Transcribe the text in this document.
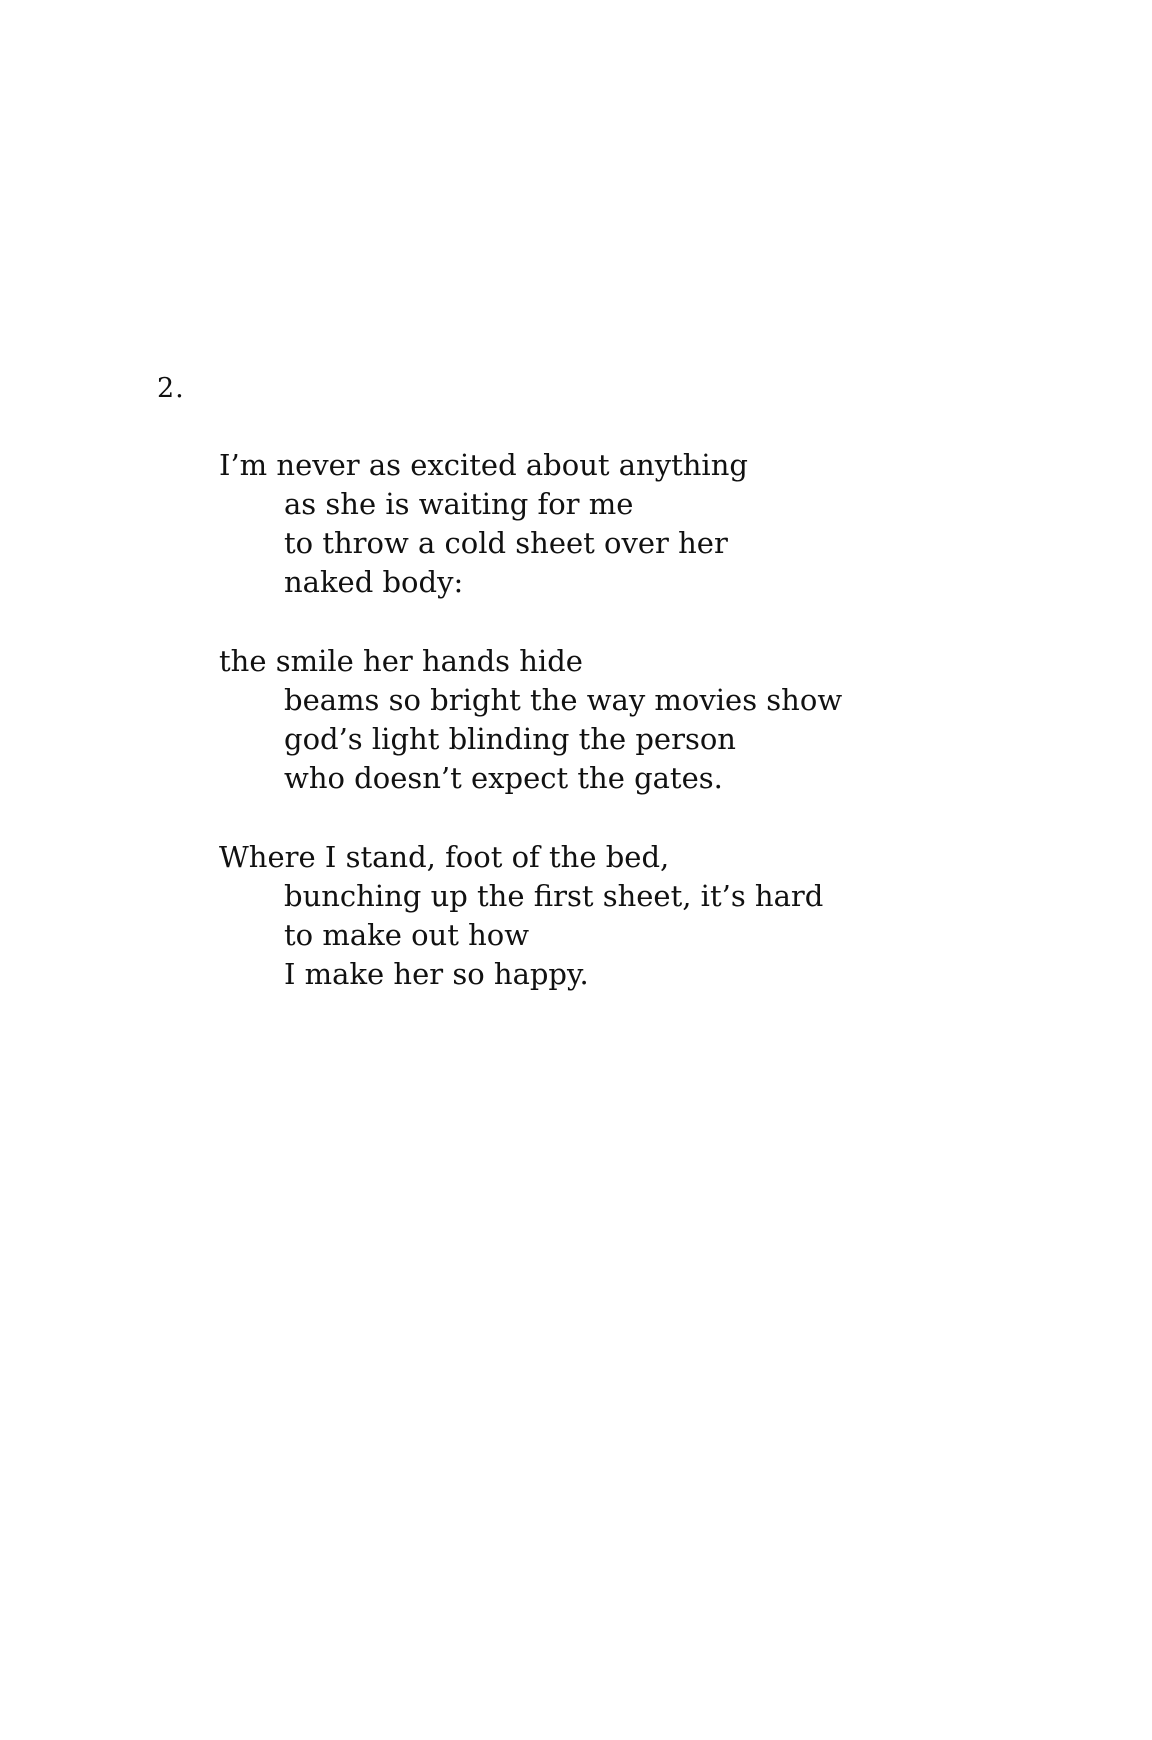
2.
I’m never as excited about anything
as she is waiting for me
to throw a cold sheet over her
naked body:
the smile her hands hide
beams so bright the way movies show
god’s light blinding the person
who doesn’t expect the gates.
Where I stand, foot of the bed,
bunching up the first sheet, it’s hard
to make out how
I make her so happy.
